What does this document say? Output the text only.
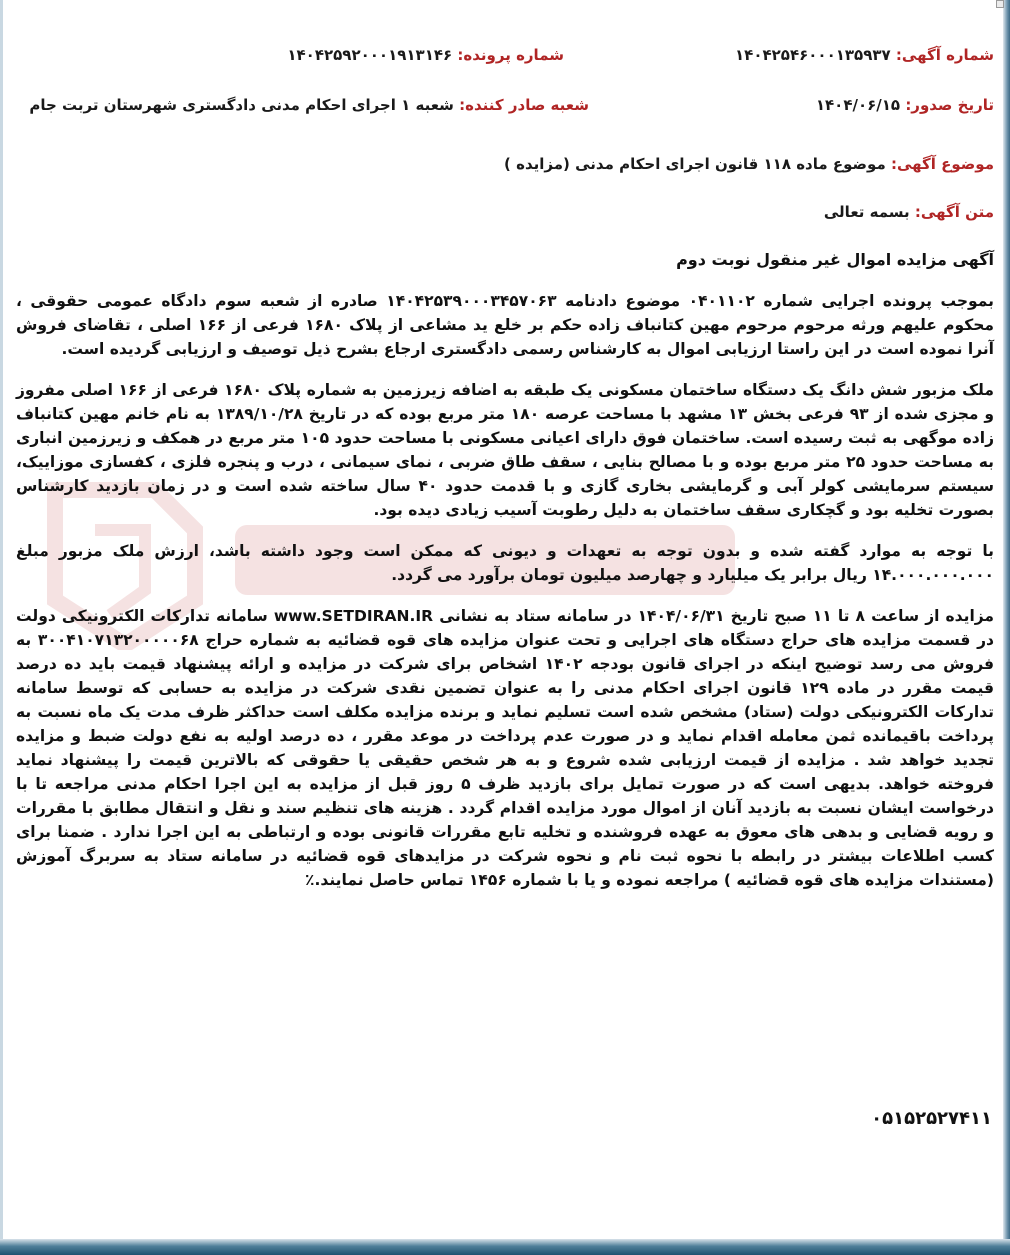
شماره آگهی: ۱۴۰۴۲۵۴۶۰۰۰۱۳۵۹۳۷
شماره پرونده: ۱۴۰۴۲۵۹۲۰۰۰۱۹۱۳۱۴۶
تاریخ صدور: ۱۴۰۴/۰۶/۱۵
شعبه صادر کننده: شعبه ۱ اجرای احکام مدنی دادگستری شهرستان تربت جام
موضوع آگهی: موضوع ماده ۱۱۸ قانون اجرای احکام مدنی (مزایده )
متن آگهی: بسمه تعالی

آگهی مزایده اموال غیر منقول نوبت دوم

بموجب پرونده اجرایی شماره ۰۴۰۱۱۰۲ موضوع دادنامه ۱۴۰۴۲۵۳۹۰۰۰۳۴۵۷۰۶۳ صادره از شعبه سوم دادگاه عمومی حقوقی ، محکوم علیهم ورثه مرحوم مرحوم مهین کتانباف زاده حکم بر خلع ید مشاعی از پلاک ۱۶۸۰ فرعی از ۱۶۶ اصلی ، تقاضای فروش آنرا نموده است در این راستا ارزیابی اموال به کارشناس رسمی دادگستری ارجاع بشرح ذیل توصیف و ارزیابی گردیده است.

ملک مزبور شش دانگ یک دستگاه ساختمان مسکونی یک طبقه به اضافه زیرزمین به شماره پلاک ۱۶۸۰ فرعی از ۱۶۶ اصلی مفروز و مجزی شده از ۹۳ فرعی بخش ۱۳ مشهد با مساحت عرصه ۱۸۰ متر مربع بوده که در تاریخ ۱۳۸۹/۱۰/۲۸ به نام خانم مهین کتانباف زاده موگهی به ثبت رسیده است. ساختمان فوق دارای اعیانی مسکونی با مساحت حدود ۱۰۵ متر مربع در همکف و زیرزمین انباری به مساحت حدود ۲۵ متر مربع بوده و با مصالح بنایی ، سقف طاق ضربی ، نمای سیمانی ، درب و پنجره فلزی ، کفسازی موزاییک، سیستم سرمایشی کولر آبی و گرمایشی بخاری گازی و با قدمت حدود ۴۰ سال ساخته شده است و در زمان بازدید کارشناس بصورت تخلیه بود و گچکاری سقف ساختمان به دلیل رطوبت آسیب زیادی دیده بود.

با توجه به موارد گفته شده و بدون توجه به تعهدات و دیونی که ممکن است وجود داشته باشد، ارزش ملک مزبور مبلغ ۱۴.۰۰۰.۰۰۰.۰۰۰ ریال برابر یک میلیارد و چهارصد میلیون تومان برآورد می گردد.

مزایده از ساعت ۸ تا ۱۱ صبح تاریخ ۱۴۰۴/۰۶/۳۱ در سامانه ستاد به نشانی www.SETDIRAN.IR سامانه تدارکات الکترونیکی دولت در قسمت مزایده های حراج دستگاه های اجرایی و تحت عنوان مزایده های قوه قضائیه به شماره حراج ۳۰۰۴۱۰۷۱۳۲۰۰۰۰۰۶۸ به فروش می رسد توضیح اینکه در اجرای قانون بودجه ۱۴۰۲ اشخاص برای شرکت در مزایده و ارائه پیشنهاد قیمت باید ده درصد قیمت مقرر در ماده ۱۲۹ قانون اجرای احکام مدنی را به عنوان تضمین نقدی شرکت در مزایده به حسابی که توسط سامانه تدارکات الکترونیکی دولت (ستاد) مشخص شده است تسلیم نماید و برنده مزایده مکلف است حداکثر ظرف مدت یک ماه نسبت به پرداخت باقیمانده ثمن معامله اقدام نماید و در صورت عدم پرداخت در موعد مقرر ، ده درصد اولیه به نفع دولت ضبط و مزایده تجدید خواهد شد . مزایده از قیمت ارزیابی شده شروع و به هر شخص حقیقی یا حقوقی که بالاترین قیمت را پیشنهاد نماید فروخته خواهد. بدیهی است که در صورت تمایل برای بازدید ظرف ۵ روز قبل از مزایده به این اجرا احکام مدنی مراجعه تا با درخواست ایشان نسبت به بازدید آنان از اموال مورد مزایده اقدام گردد . هزینه های تنظیم سند و نقل و انتقال مطابق با مقررات و رویه قضایی و بدهی های معوق به عهده فروشنده و تخلیه تابع مقررات قانونی بوده و ارتباطی به این اجرا ندارد . ضمنا برای کسب اطلاعات بیشتر در رابطه با نحوه ثبت نام و نحوه شرکت در مزایدهای قوه قضائیه در سامانه ستاد به سربرگ آموزش (مستندات مزایده های قوه قضائیه ) مراجعه نموده و یا با شماره ۱۴۵۶ تماس حاصل نمایند.٪

۰۵۱۵۲۵۲۷۴۱۱
